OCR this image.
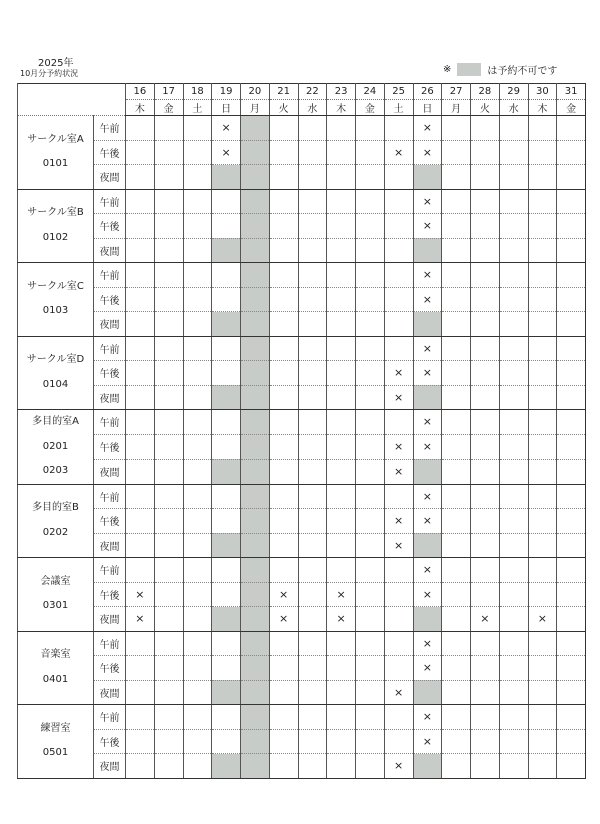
2025年
10月分予約状況	※	は予約不可です
		16	17	18	19	20	21	22	23	24	25	26	27	28	29	30	31
		木	金	土	日	月	火	水	木	金	土	日	月	火	水	木	金

サークル室A
0101	午前				×							×					
	午後				×						×	×					
	夜間																

サークル室B
0102	午前											×					
	午後											×					
	夜間																

サークル室C
0103	午前											×					
	午後											×					
	夜間																

サークル室D
0104	午前											×					
	午後										×	×					
	夜間										×						

多目的室A
0201
0203	午前											×					
	午後										×	×					
	夜間										×						

多目的室B
0202	午前											×					
	午後										×	×					
	夜間										×						

会議室
0301	午前											×					
	午後	×					×		×			×					
	夜間	×					×		×					×		×	

音楽室
0401	午前											×					
	午後											×					
	夜間										×						

練習室
0501	午前											×					
	午後											×					
	夜間										×						
